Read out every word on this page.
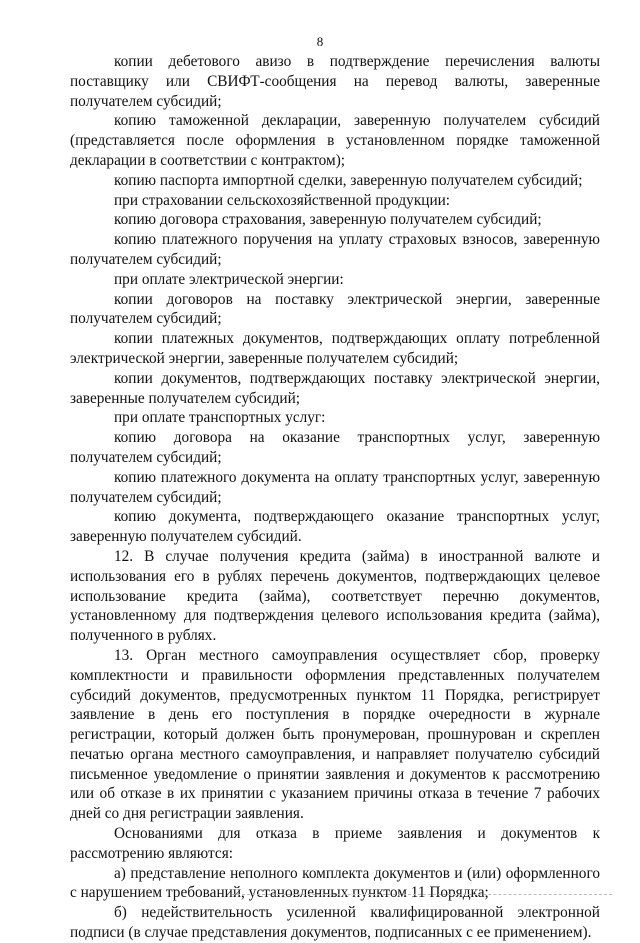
8

копии дебетового авизо в подтверждение перечисления валюты поставщику или СВИФТ-сообщения на перевод валюты, заверенные получателем субсидий;

копию таможенной декларации, заверенную получателем субсидий (представляется после оформления в установленном порядке таможенной декларации в соответствии с контрактом);

копию паспорта импортной сделки, заверенную получателем субсидий;

при страховании сельскохозяйственной продукции:

копию договора страхования, заверенную получателем субсидий;

копию платежного поручения на уплату страховых взносов, заверенную получателем субсидий;

при оплате электрической энергии:

копии договоров на поставку электрической энергии, заверенные получателем субсидий;

копии платежных документов, подтверждающих оплату потребленной электрической энергии, заверенные получателем субсидий;

копии документов, подтверждающих поставку электрической энергии, заверенные получателем субсидий;

при оплате транспортных услуг:

копию договора на оказание транспортных услуг, заверенную получателем субсидий;

копию платежного документа на оплату транспортных услуг, заверенную получателем субсидий;

копию документа, подтверждающего оказание транспортных услуг, заверенную получателем субсидий.

12. В случае получения кредита (займа) в иностранной валюте и использования его в рублях перечень документов, подтверждающих целевое использование кредита (займа), соответствует перечню документов, установленному для подтверждения целевого использования кредита (займа), полученного в рублях.

13. Орган местного самоуправления осуществляет сбор, проверку комплектности и правильности оформления представленных получателем субсидий документов, предусмотренных пунктом 11 Порядка, регистрирует заявление в день его поступления в порядке очередности в журнале регистрации, который должен быть пронумерован, прошнурован и скреплен печатью органа местного самоуправления, и направляет получателю субсидий письменное уведомление о принятии заявления и документов к рассмотрению или об отказе в их принятии с указанием причины отказа в течение 7 рабочих дней со дня регистрации заявления.

Основаниями для отказа в приеме заявления и документов к рассмотрению являются:

а) представление неполного комплекта документов и (или) оформленного с нарушением требований, установленных пунктом 11 Порядка;

б) недействительность усиленной квалифицированной электронной подписи (в случае представления документов, подписанных с ее применением).
